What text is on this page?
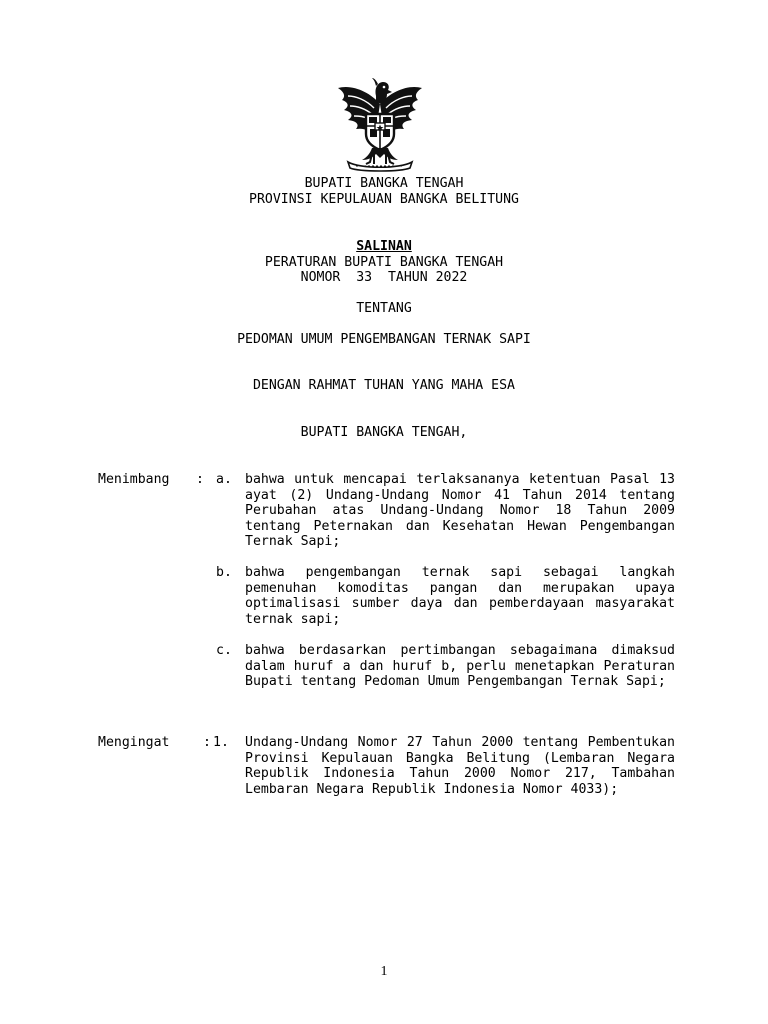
BUPATI BANGKA TENGAH
PROVINSI KEPULAUAN BANGKA BELITUNG
SALINAN
PERATURAN BUPATI BANGKA TENGAH
NOMOR  33  TAHUN 2022
TENTANG
PEDOMAN UMUM PENGEMBANGAN TERNAK SAPI
DENGAN RAHMAT TUHAN YANG MAHA ESA
BUPATI BANGKA TENGAH,
Menimbang : a. bahwa untuk mencapai terlaksananya ketentuan Pasal 13 ayat (2) Undang-Undang Nomor 41 Tahun 2014 tentang Perubahan atas Undang-Undang Nomor 18 Tahun 2009 tentang Peternakan dan Kesehatan Hewan Pengembangan Ternak Sapi;
b. bahwa pengembangan ternak sapi sebagai langkah pemenuhan komoditas pangan dan merupakan upaya optimalisasi sumber daya dan pemberdayaan masyarakat ternak sapi;
c. bahwa berdasarkan pertimbangan sebagaimana dimaksud dalam huruf a dan huruf b, perlu menetapkan Peraturan Bupati tentang Pedoman Umum Pengembangan Ternak Sapi;
Mengingat	: 1. Undang-Undang Nomor 27 Tahun 2000 tentang Pembentukan Provinsi Kepulauan Bangka Belitung (Lembaran Negara Republik Indonesia Tahun 2000 Nomor 217, Tambahan Lembaran Negara Republik Indonesia Nomor 4033);
1
